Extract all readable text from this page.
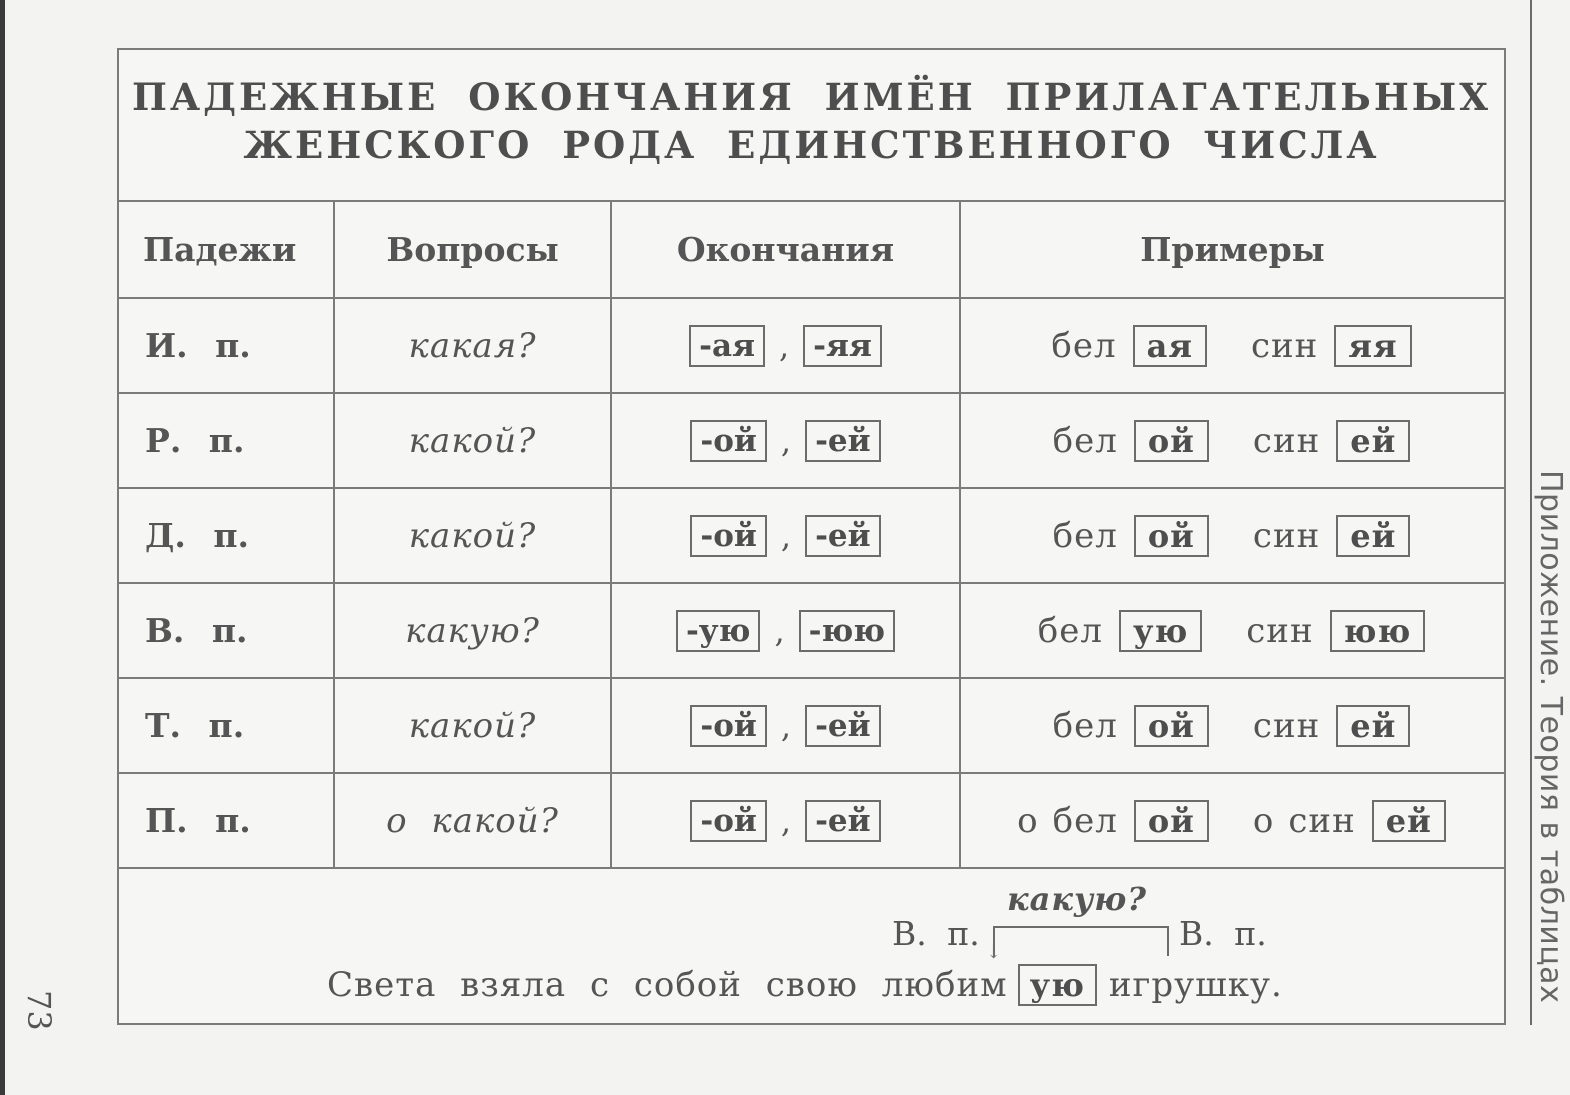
ПАДЕЖНЫЕ ОКОНЧАНИЯ ИМЁН ПРИЛАГАТЕЛЬНЫХ
ЖЕНСКОГО РОДА ЕДИНСТВЕННОГО ЧИСЛА
Падежи	Вопросы	Окончания	Примеры
И. п.	какая?	-ая , -яя	бел ая	син яя
Р. п.	какой?	-ой , -ей	бел ой	син ей
Д. п.	какой?	-ой , -ей	бел ой	син ей
В. п.	какую?	-ую , -юю	бел ую	син юю
Т. п.	какой?	-ой , -ей	бел ой	син ей
П. п.	о какой?	-ой , -ей	о бел ой	о син ей
какую?
В. п. ↓	В. п.
Света взяла с собой свою любим ую игрушку.
73
Приложение. Теория в таблицах
